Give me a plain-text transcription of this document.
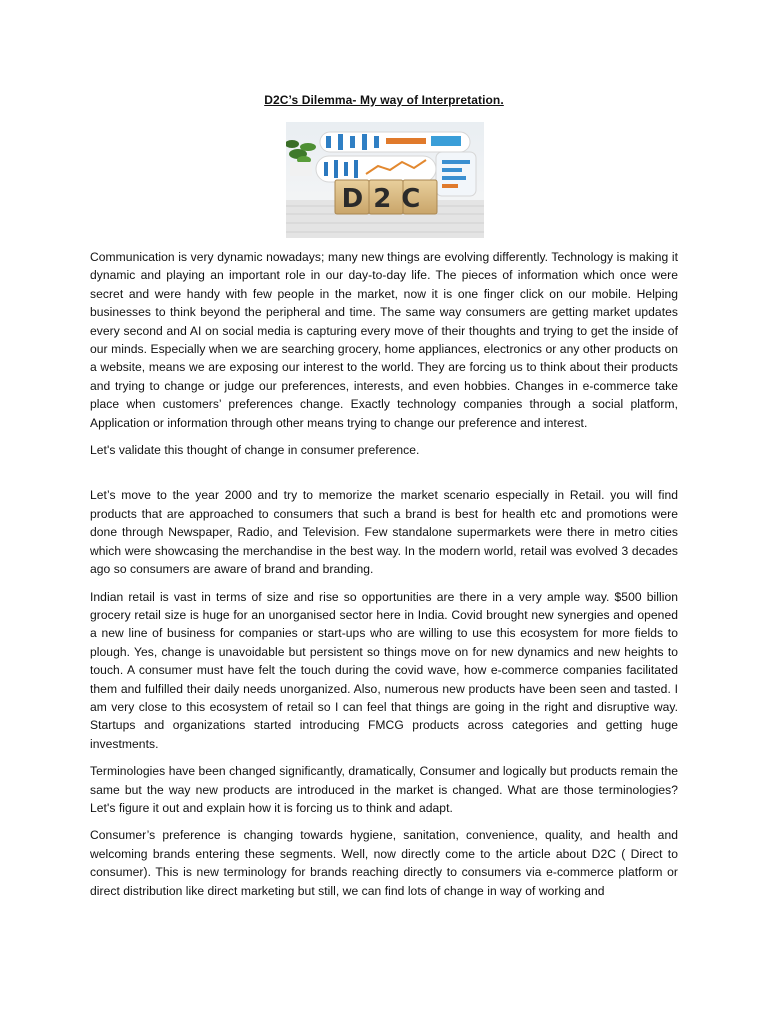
D2C’s Dilemma- My way of Interpretation.
D2C

Communication is very dynamic nowadays; many new things are evolving differently. Technology is making it dynamic and playing an important role in our day-to-day life. The pieces of information which once were secret and were handy with few people in the market, now it is one finger click on our mobile. Helping businesses to think beyond the peripheral and time. The same way consumers are getting market updates every second and AI on social media is capturing every move of their thoughts and trying to get the inside of our minds. Especially when we are searching grocery, home appliances, electronics or any other products on a website, means we are exposing our interest to the world. They are forcing us to think about their products and trying to change or judge our preferences, interests, and even hobbies. Changes in e-commerce take place when customers’ preferences change. Exactly technology companies through a social platform, Application or information through other means trying to change our preference and interest.

Let's validate this thought of change in consumer preference.

Let’s move to the year 2000 and try to memorize the market scenario especially in Retail. you will find products that are approached to consumers that such a brand is best for health etc and promotions were done through Newspaper, Radio, and Television. Few standalone supermarkets were there in metro cities which were showcasing the merchandise in the best way. In the modern world, retail was evolved 3 decades ago so consumers are aware of brand and branding.

Indian retail is vast in terms of size and rise so opportunities are there in a very ample way. $500 billion grocery retail size is huge for an unorganised sector here in India. Covid brought new synergies and opened a new line of business for companies or start-ups who are willing to use this ecosystem for more fields to plough. Yes, change is unavoidable but persistent so things move on for new dynamics and new heights to touch. A consumer must have felt the touch during the covid wave, how e-commerce companies facilitated them and fulfilled their daily needs unorganized. Also, numerous new products have been seen and tasted. I am very close to this ecosystem of retail so I can feel that things are going in the right and disruptive way. Startups and organizations started introducing FMCG products across categories and getting huge investments.

Terminologies have been changed significantly, dramatically, Consumer and logically but products remain the same but the way new products are introduced in the market is changed. What are those terminologies? Let's figure it out and explain how it is forcing us to think and adapt.

Consumer’s preference is changing towards hygiene, sanitation, convenience, quality, and health and welcoming brands entering these segments. Well, now directly come to the article about D2C ( Direct to consumer). This is new terminology for brands reaching directly to consumers via e-commerce platform or direct distribution like direct marketing but still, we can find lots of change in way of working and
